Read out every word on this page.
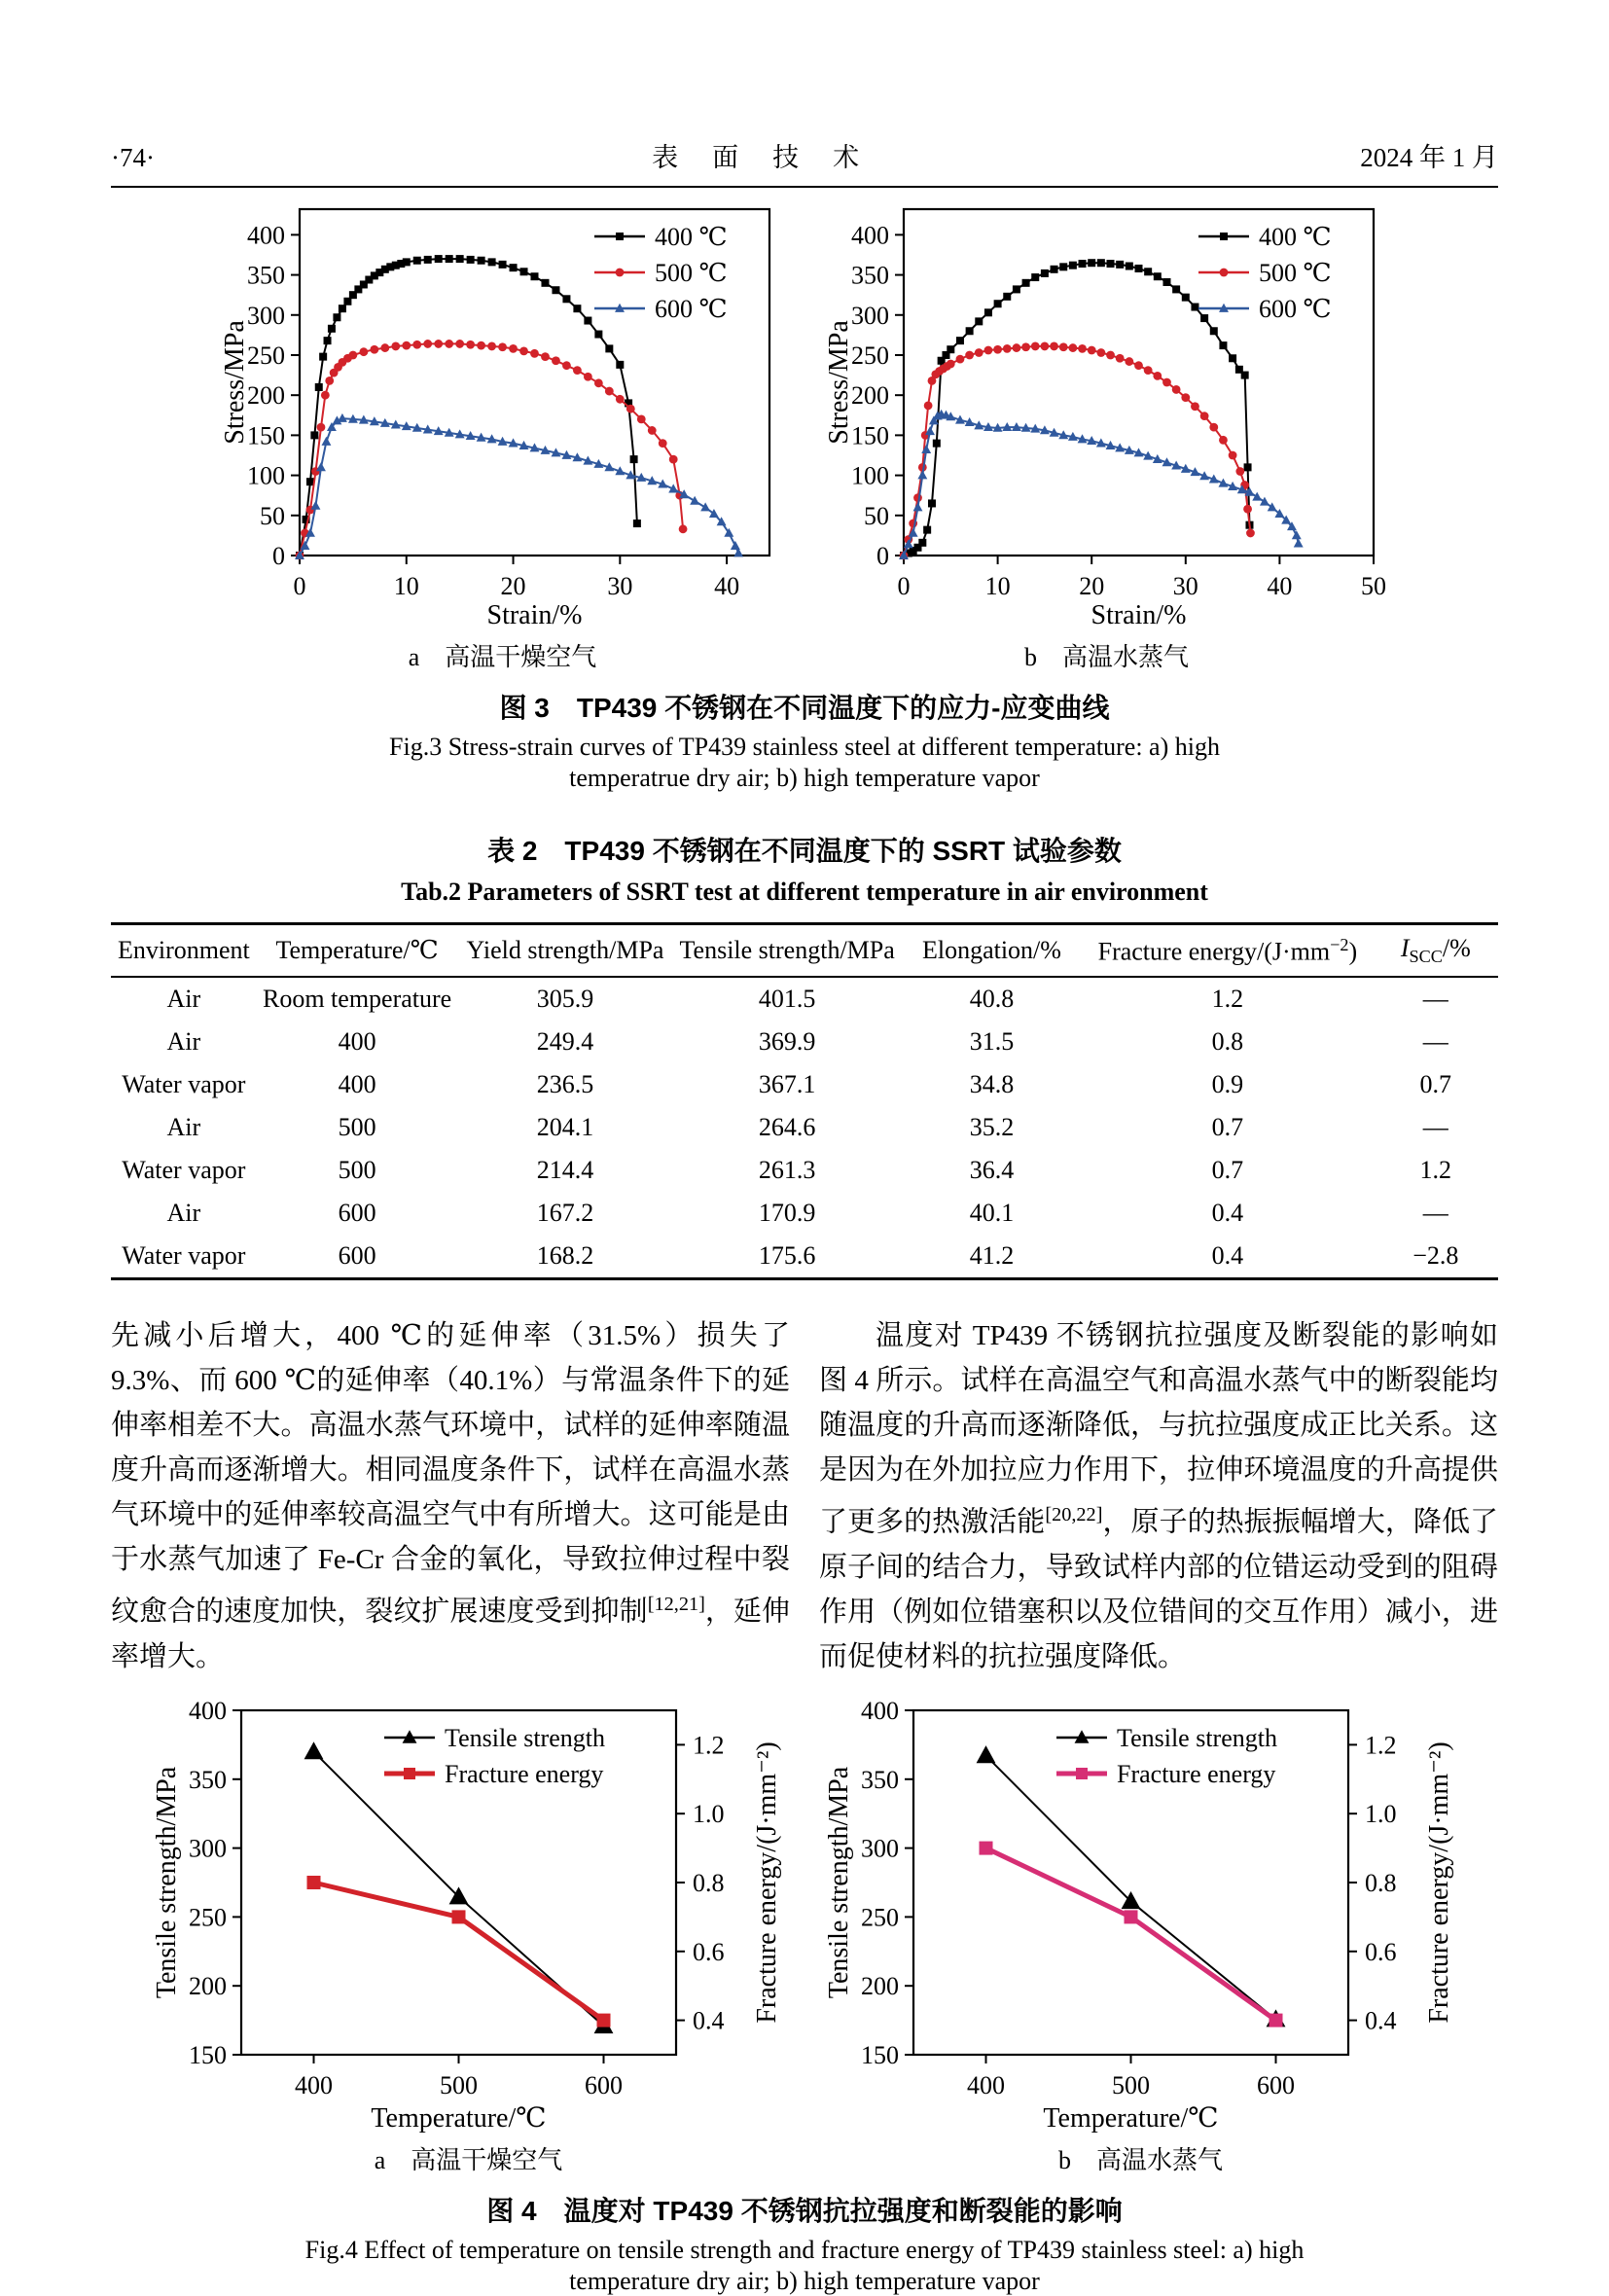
·74·	表　面　技　术	2024 年 1 月
0	10	20	30	40
0
50
100
150
200
250
300
350
400
Strain/%
Stress/MPa
400 ℃
500 ℃
600 ℃
a　高温干燥空气
0	10	20	30	40	50
0
50
100
150
200
250
300
350
400
Strain/%
Stress/MPa
400 ℃
500 ℃
600 ℃
b　高温水蒸气
图 3　TP439 不锈钢在不同温度下的应力-应变曲线
Fig.3 Stress-strain curves of TP439 stainless steel at different temperature: a) high
temperatrue dry air; b) high temperature vapor
表 2　TP439 不锈钢在不同温度下的 SSRT 试验参数
Tab.2 Parameters of SSRT test at different temperature in air environment
Environment	Temperature/℃	Yield strength/MPa	Tensile strength/MPa	Elongation/%	Fracture energy/$(J\cdot mm^{-2})$	$I_{SCC}/\%$
Air	Room temperature	305.9	401.5	40.8	1.2	—
Air	400	249.4	369.9	31.5	0.8	—
Water vapor	400	236.5	367.1	34.8	0.9	0.7
Air	500	204.1	264.6	35.2	0.7	—
Water vapor	500	214.4	261.3	36.4	0.7	1.2
Air	600	167.2	170.9	40.1	0.4	—
Water vapor	600	168.2	175.6	41.2	0.4	−2.8

先减小后增大，400 ℃的延伸率（31.5%）损失了 9.3%、而 600 ℃的延伸率（40.1%）与常温条件下的延伸率相差不大。高温水蒸气环境中，试样的延伸率随温度升高而逐渐增大。相同温度条件下，试样在高温水蒸气环境中的延伸率较高温空气中有所增大。这可能是由于水蒸气加速了 Fe-Cr 合金的氧化，导致拉伸过程中裂纹愈合的速度加快，裂纹扩展速度受到抑制[12,21]，延伸率增大。

温度对 TP439 不锈钢抗拉强度及断裂能的影响如图 4 所示。试样在高温空气和高温水蒸气中的断裂能均随温度的升高而逐渐降低，与抗拉强度成正比关系。这是因为在外加拉应力作用下，拉伸环境温度的升高提供了更多的热激活能[20,22]，原子的热振振幅增大，降低了原子间的结合力，导致试样内部的位错运动受到的阻碍作用（例如位错塞积以及位错间的交互作用）减小，进而促使材料的抗拉强度降低。

400	500	600
150
200
250
300
350
400
0.4
0.6
0.8
1.0
1.2
Temperature/℃
Tensile strength/MPa	Fracture energy/(J·mm⁻²)
Tensile strength
Fracture energy
a　高温干燥空气
400	500	600
150
200
250
300
350
400
0.4
0.6
0.8
1.0
1.2
Temperature/℃
Tensile strength/MPa	Fracture energy/(J·mm⁻²)
Tensile strength
Fracture energy
b　高温水蒸气
图 4　温度对 TP439 不锈钢抗拉强度和断裂能的影响
Fig.4 Effect of temperature on tensile strength and fracture energy of TP439 stainless steel: a) high
temperature dry air; b) high temperature vapor
